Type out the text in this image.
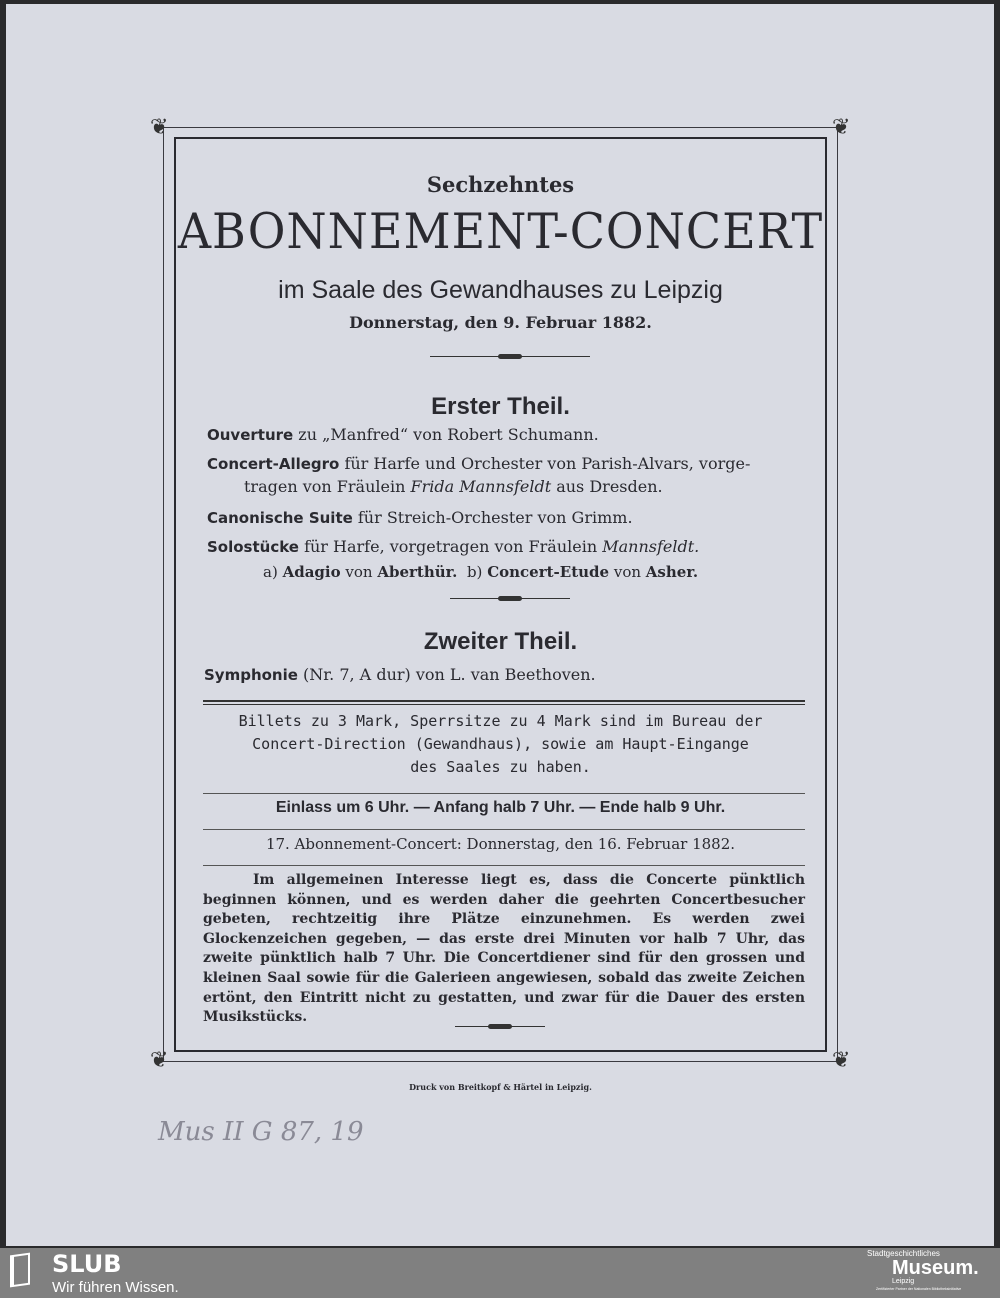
❦	❦
❦	❦
Sechzehntes
ABONNEMENT-CONCERT
im Saale des Gewandhauses zu Leipzig
Donnerstag, den 9. Februar 1882.
Erster Theil.
Ouverture zu „Manfred“ von Robert Schumann.
Concert-Allegro für Harfe und Orchester von Parish-Alvars, vorge-
tragen von Fräulein Frida Mannsfeldt aus Dresden.
Canonische Suite für Streich-Orchester von Grimm.
Solostücke für Harfe, vorgetragen von Fräulein Mannsfeldt.
a) Adagio von Aberthür. b) Concert-Etude von Asher.
Zweiter Theil.
Symphonie (Nr. 7, A dur) von L. van Beethoven.
Billets zu 3 Mark, Sperrsitze zu 4 Mark sind im Bureau der
Concert-Direction (Gewandhaus), sowie am Haupt-Eingange
des Saales zu haben.
Einlass um 6 Uhr. — Anfang halb 7 Uhr. — Ende halb 9 Uhr.
17. Abonnement-Concert: Donnerstag, den 16. Februar 1882.
Im allgemeinen Interesse liegt es, dass die Concerte pünktlich beginnen können, und es werden daher die geehrten Concertbesucher gebeten, rechtzeitig ihre Plätze einzunehmen. Es werden zwei Glockenzeichen gegeben, — das erste drei Minuten vor halb 7 Uhr, das zweite pünktlich halb 7 Uhr. Die Concertdiener sind für den grossen und kleinen Saal sowie für die Galerieen angewiesen, sobald das zweite Zeichen ertönt, den Eintritt nicht zu gestatten, und zwar für die Dauer des ersten Musikstücks.
Druck von Breitkopf & Härtel in Leipzig.
Mus II G 87, 19
SLUB
Wir führen Wissen.
Stadtgeschichtliches
Museum.
Leipzig
Zertifizierter Partner der Nationalen Bibliotheksinitiative
